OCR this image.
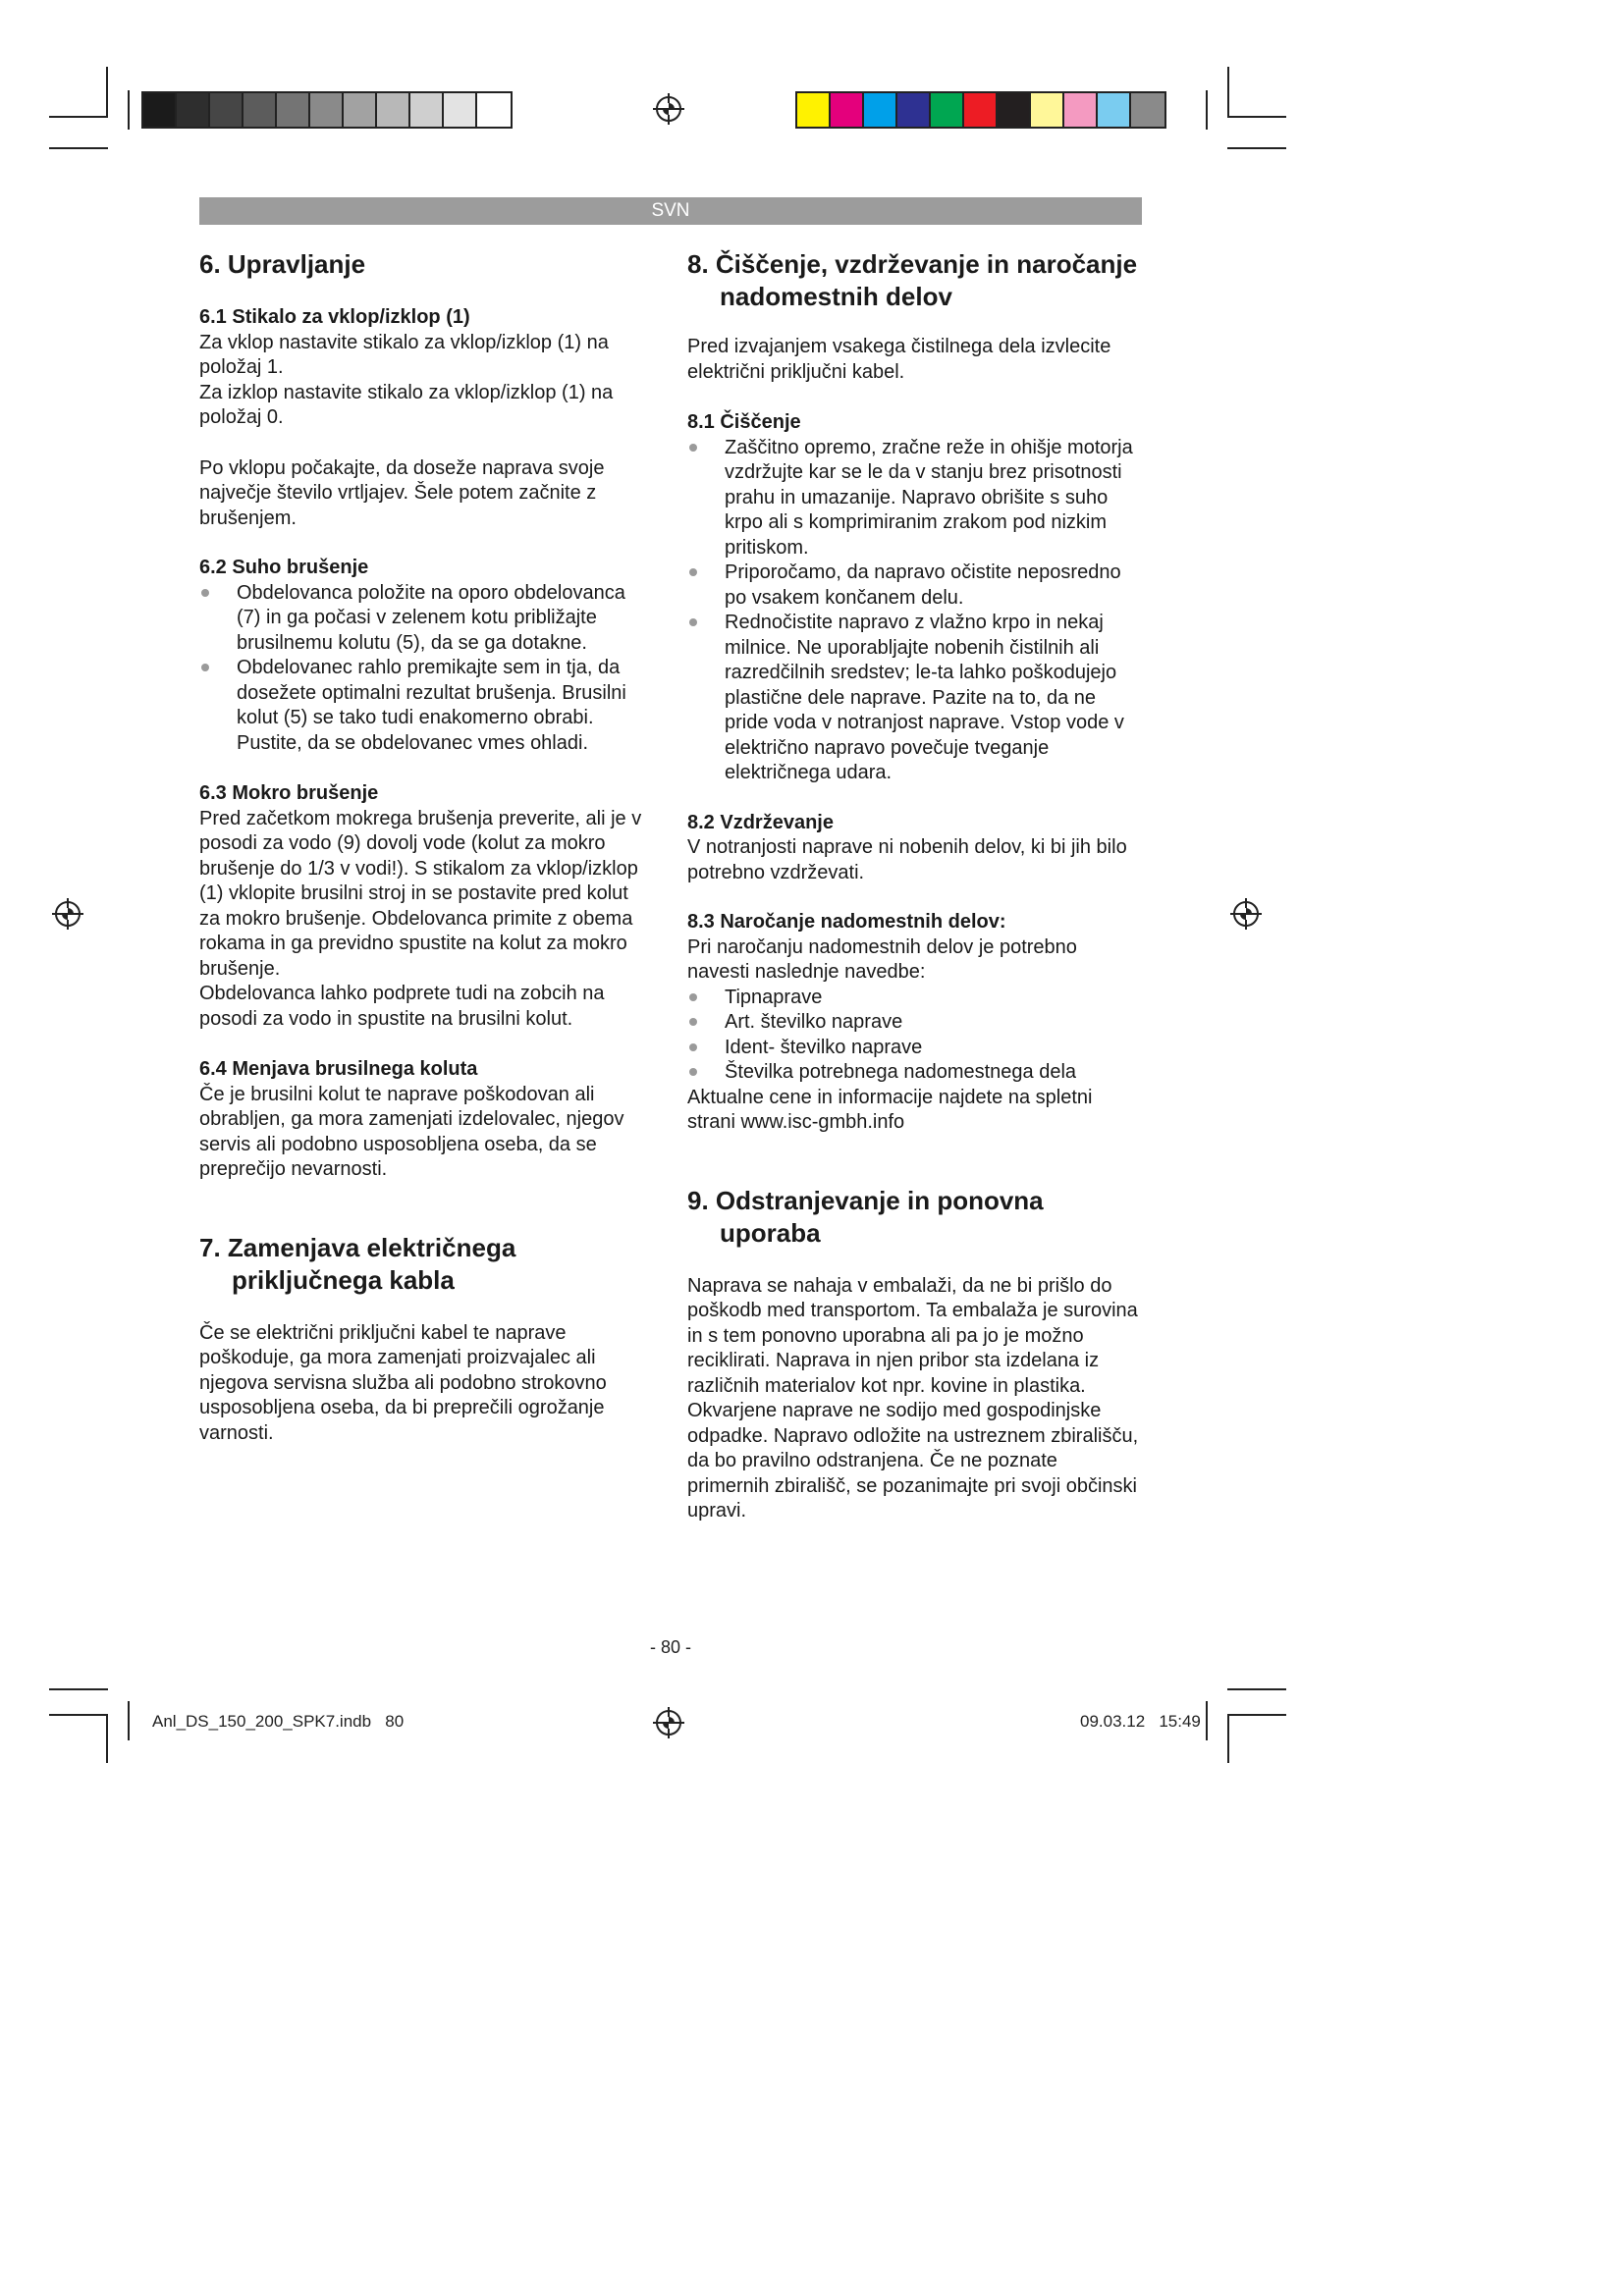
SVN
6. Upravljanje
6.1 Stikalo za vklop/izklop (1)

Za vklop nastavite stikalo za vklop/izklop (1) na položaj 1.

Za izklop nastavite stikalo za vklop/izklop (1) na položaj 0.

Po vklopu počakajte, da doseže naprava svoje največje število vrtljajev. Šele potem začnite z brušenjem.

6.2 Suho brušenje
Obdelovanca položite na oporo obdelovanca (7) in ga počasi v zelenem kotu približajte brusilnemu kolutu (5), da se ga dotakne.
Obdelovanec rahlo premikajte sem in tja, da dosežete optimalni rezultat brušenja. Brusilni kolut (5) se tako tudi enakomerno obrabi. Pustite, da se obdelovanec vmes ohladi.
6.3 Mokro brušenje

Pred začetkom mokrega brušenja preverite, ali je v posodi za vodo (9) dovolj vode (kolut za mokro brušenje do 1/3 v vodi!). S stikalom za vklop/izklop (1) vklopite brusilni stroj in se postavite pred kolut za mokro brušenje. Obdelovanca primite z obema rokama in ga previdno spustite na kolut za mokro brušenje.

Obdelovanca lahko podprete tudi na zobcih na posodi za vodo in spustite na brusilni kolut.

6.4 Menjava brusilnega koluta

Če je brusilni kolut te naprave poškodovan ali obrabljen, ga mora zamenjati izdelovalec, njegov servis ali podobno usposobljena oseba, da se preprečijo nevarnosti.

7. Zamenjava električnega priključnega kabla

Če se električni priključni kabel te naprave poškoduje, ga mora zamenjati proizvajalec ali njegova servisna služba ali podobno strokovno usposobljena oseba, da bi preprečili ogrožanje varnosti.

8. Čiščenje, vzdrževanje in naročanje nadomestnih delov

Pred izvajanjem vsakega čistilnega dela izvlecite električni priključni kabel.

8.1 Čiščenje
Zaščitno opremo, zračne reže in ohišje motorja vzdržujte kar se le da v stanju brez prisotnosti prahu in umazanije. Napravo obrišite s suho krpo ali s komprimiranim zrakom pod nizkim pritiskom.
Priporočamo, da napravo očistite neposredno po vsakem končanem delu.
Rednočistite napravo z vlažno krpo in nekaj milnice. Ne uporabljajte nobenih čistilnih ali razredčilnih sredstev; le-ta lahko poškodujejo plastične dele naprave. Pazite na to, da ne pride voda v notranjost naprave. Vstop vode v električno napravo povečuje tveganje električnega udara.
8.2 Vzdrževanje

V notranjosti naprave ni nobenih delov, ki bi jih bilo potrebno vzdrževati.

8.3 Naročanje nadomestnih delov:

Pri naročanju nadomestnih delov je potrebno navesti naslednje navedbe:

Tipnaprave
Art. številko naprave
Ident- številko naprave
Številka potrebnega nadomestnega dela

Aktualne cene in informacije najdete na spletni strani www.isc-gmbh.info

9. Odstranjevanje in ponovna uporaba

Naprava se nahaja v embalaži, da ne bi prišlo do poškodb med transportom. Ta embalaža je surovina in s tem ponovno uporabna ali pa jo je možno reciklirati. Naprava in njen pribor sta izdelana iz različnih materialov kot npr. kovine in plastika. Okvarjene naprave ne sodijo med gospodinjske odpadke. Napravo odložite na ustreznem zbirališču, da bo pravilno odstranjena. Če ne poznate primernih zbirališč, se pozanimajte pri svoji občinski upravi.

- 80 -
Anl_DS_150_200_SPK7.indb   80	09.03.12   15:49
